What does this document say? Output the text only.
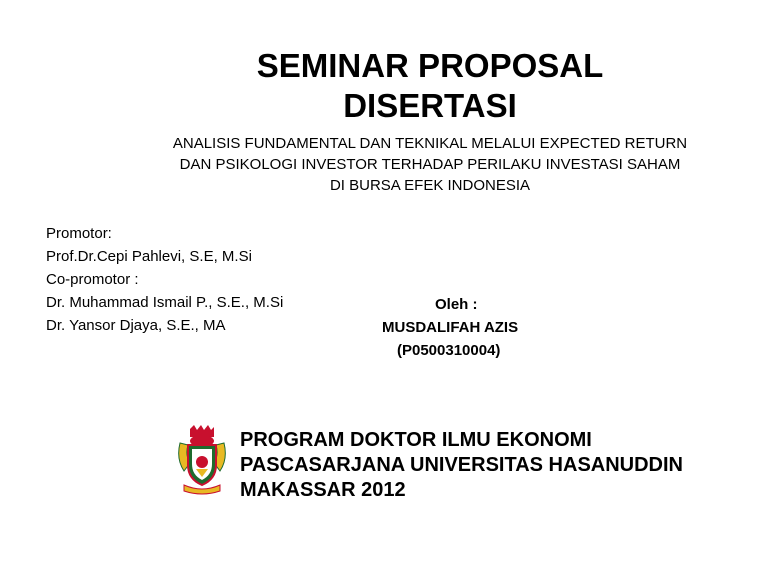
SEMINAR PROPOSAL
DISERTASI
ANALISIS FUNDAMENTAL DAN TEKNIKAL MELALUI EXPECTED RETURN
DAN PSIKOLOGI INVESTOR TERHADAP PERILAKU INVESTASI SAHAM
DI BURSA EFEK INDONESIA
Promotor:
Prof.Dr.Cepi Pahlevi, S.E, M.Si
Co-promotor :
Dr. Muhammad Ismail P., S.E., M.Si
Dr. Yansor Djaya, S.E., MA
Oleh :
MUSDALIFAH AZIS
(P0500310004)
PROGRAM DOKTOR ILMU EKONOMI
PASCASARJANA UNIVERSITAS HASANUDDIN
MAKASSAR 2012
